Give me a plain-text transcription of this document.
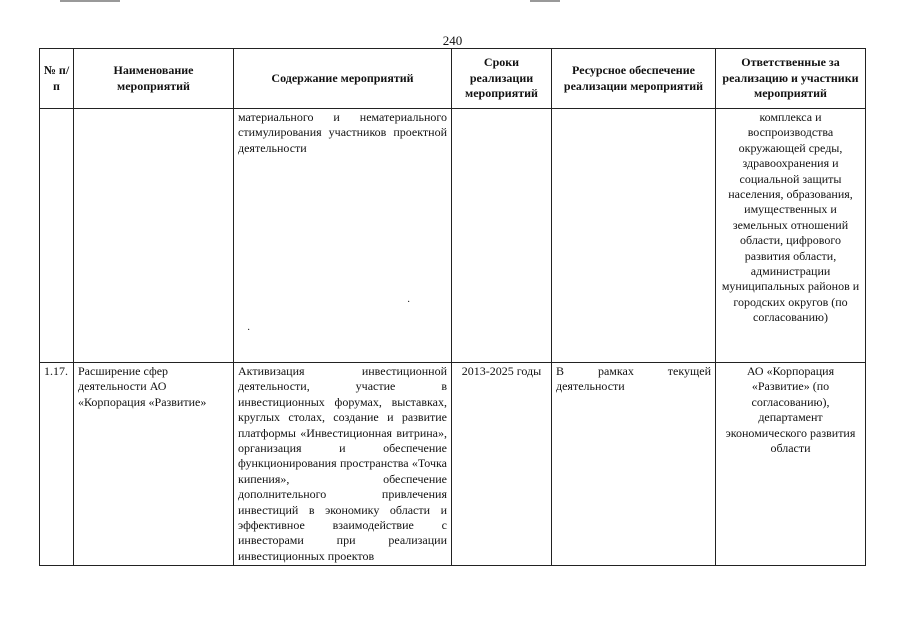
240
№ п/п	Наименование мероприятий	Содержание мероприятий	Сроки реализации мероприятий	Ресурсное обеспечение реализации мероприятий	Ответственные за реализацию и участники мероприятий
		материального и нематериального стимулирования участников проектной деятельности			комплекса и воспроизводства окружающей среды, здравоохранения и социальной защиты населения, образования, имущественных и земельных отношений области, цифрового развития области, администрации муниципальных районов и городских округов (по согласованию)
1.17.	Расширение сфер деятельности АО «Корпорация «Развитие»	Активизация инвестиционной деятельности, участие в инвестиционных форумах, выставках, круглых столах, создание и развитие платформы «Инвестиционная витрина», организация и обеспечение функционирования пространства «Точка кипения», обеспечение дополнительного привлечения инвестиций в экономику области и эффективное взаимодействие с инвесторами при реализации инвестиционных проектов	2013-2025 годы	В рамках текущей деятельности	АО «Корпорация «Развитие» (по согласованию), департамент экономического развития области
·
·
